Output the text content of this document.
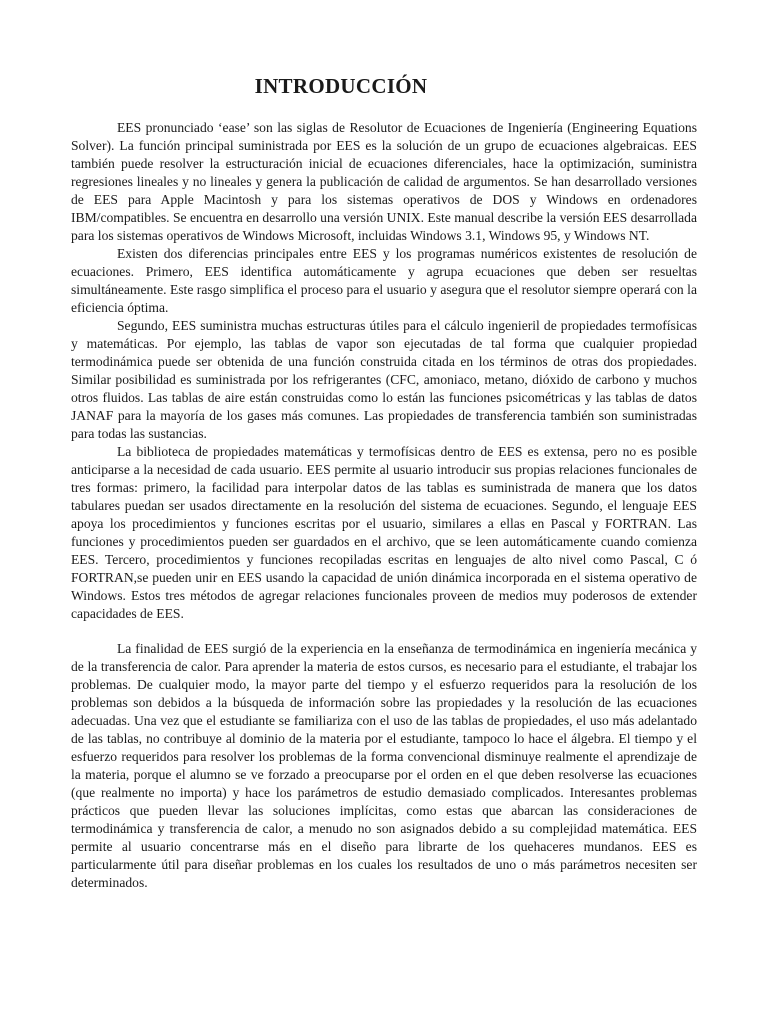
INTRODUCCIÓN

EES pronunciado ‘ease’ son las siglas de Resolutor de Ecuaciones de Ingeniería (Engineering Equations Solver). La función principal suministrada por EES es la solución de un grupo de ecuaciones algebraicas. EES también puede resolver la estructuración inicial de ecuaciones diferenciales, hace la optimización, suministra regresiones lineales y no lineales y genera la publicación de calidad de argumentos. Se han desarrollado versiones de EES para Apple Macintosh y para los sistemas operativos de DOS y Windows en ordenadores IBM/compatibles. Se encuentra en desarrollo una versión UNIX. Este manual describe la versión EES desarrollada para los sistemas operativos de Windows Microsoft, incluidas Windows 3.1, Windows 95, y Windows NT.

Existen dos diferencias principales entre EES y los programas numéricos existentes de resolución de ecuaciones. Primero, EES identifica automáticamente y agrupa ecuaciones que deben ser resueltas simultáneamente. Este rasgo simplifica el proceso para el usuario y asegura que el resolutor siempre operará con la eficiencia óptima.

Segundo, EES suministra muchas estructuras útiles para el cálculo ingenieril de propiedades termofísicas y matemáticas. Por ejemplo, las tablas de vapor son ejecutadas de tal forma que cualquier propiedad termodinámica puede ser obtenida de una función construida citada en los términos de otras dos propiedades. Similar posibilidad es suministrada por los refrigerantes (CFC, amoniaco, metano, dióxido de carbono y muchos otros fluidos. Las tablas de aire están construidas como lo están las funciones psicométricas y las tablas de datos JANAF para la mayoría de los gases más comunes. Las propiedades de transferencia también son suministradas para todas las sustancias.

La biblioteca de propiedades matemáticas y termofísicas dentro de EES es extensa, pero no es posible anticiparse a la necesidad de cada usuario. EES permite al usuario introducir sus propias relaciones funcionales de tres formas: primero, la facilidad para interpolar datos de las tablas es suministrada de manera que los datos tabulares puedan ser usados directamente en la resolución del sistema de ecuaciones. Segundo, el lenguaje EES apoya los procedimientos y funciones escritas por el usuario, similares a ellas en Pascal y FORTRAN. Las funciones y procedimientos pueden ser guardados en el archivo, que se leen automáticamente cuando comienza EES. Tercero, procedimientos y funciones recopiladas escritas en lenguajes de alto nivel como Pascal, C ó FORTRAN,se pueden unir en EES usando la capacidad de unión dinámica incorporada en el sistema operativo de Windows. Estos tres métodos de agregar relaciones funcionales proveen de medios muy poderosos de extender capacidades de EES.

La finalidad de EES surgió de la experiencia en la enseñanza de termodinámica en ingeniería mecánica y de la transferencia de calor. Para aprender la materia de estos cursos, es necesario para el estudiante, el trabajar los problemas. De cualquier modo, la mayor parte del tiempo y el esfuerzo requeridos para la resolución de los problemas son debidos a la búsqueda de información sobre las propiedades y la resolución de las ecuaciones adecuadas. Una vez que el estudiante se familiariza con el uso de las tablas de propiedades, el uso más adelantado de las tablas, no contribuye al dominio de la materia por el estudiante, tampoco lo hace el álgebra. El tiempo y el esfuerzo requeridos para resolver los problemas de la forma convencional disminuye realmente el aprendizaje de la materia, porque el alumno se ve forzado a preocuparse por el orden en el que deben resolverse las ecuaciones (que realmente no importa) y hace los parámetros de estudio demasiado complicados. Interesantes problemas prácticos que pueden llevar las soluciones implícitas, como estas que abarcan las consideraciones de termodinámica y transferencia de calor, a menudo no son asignados debido a su complejidad matemática. EES permite al usuario concentrarse más en el diseño para librarte de los quehaceres mundanos. EES es particularmente útil para diseñar problemas en los cuales los resultados de uno o más parámetros necesiten ser determinados.
